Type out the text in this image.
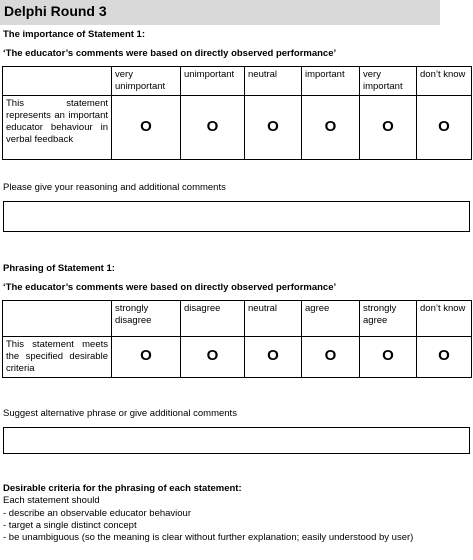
Delphi Round 3
The importance of Statement 1:
‘The educator’s comments were based on directly observed performance’
	very unimportant	unimportant	neutral	important	very important	don’t know
This statement represents an important educator behaviour in verbal feedback	O	O	O	O	O	O
Please give your reasoning and additional comments
Phrasing of Statement 1:
‘The educator’s comments were based on directly observed performance’
	strongly disagree	disagree	neutral	agree	strongly agree	don’t know
This statement meets the specified desirable criteria	O	O	O	O	O	O
Suggest alternative phrase or give additional comments
Desirable criteria for the phrasing of each statement:
Each statement should
- describe an observable educator behaviour
- target a single distinct concept
- be unambiguous (so the meaning is clear without further explanation; easily understood by user)
